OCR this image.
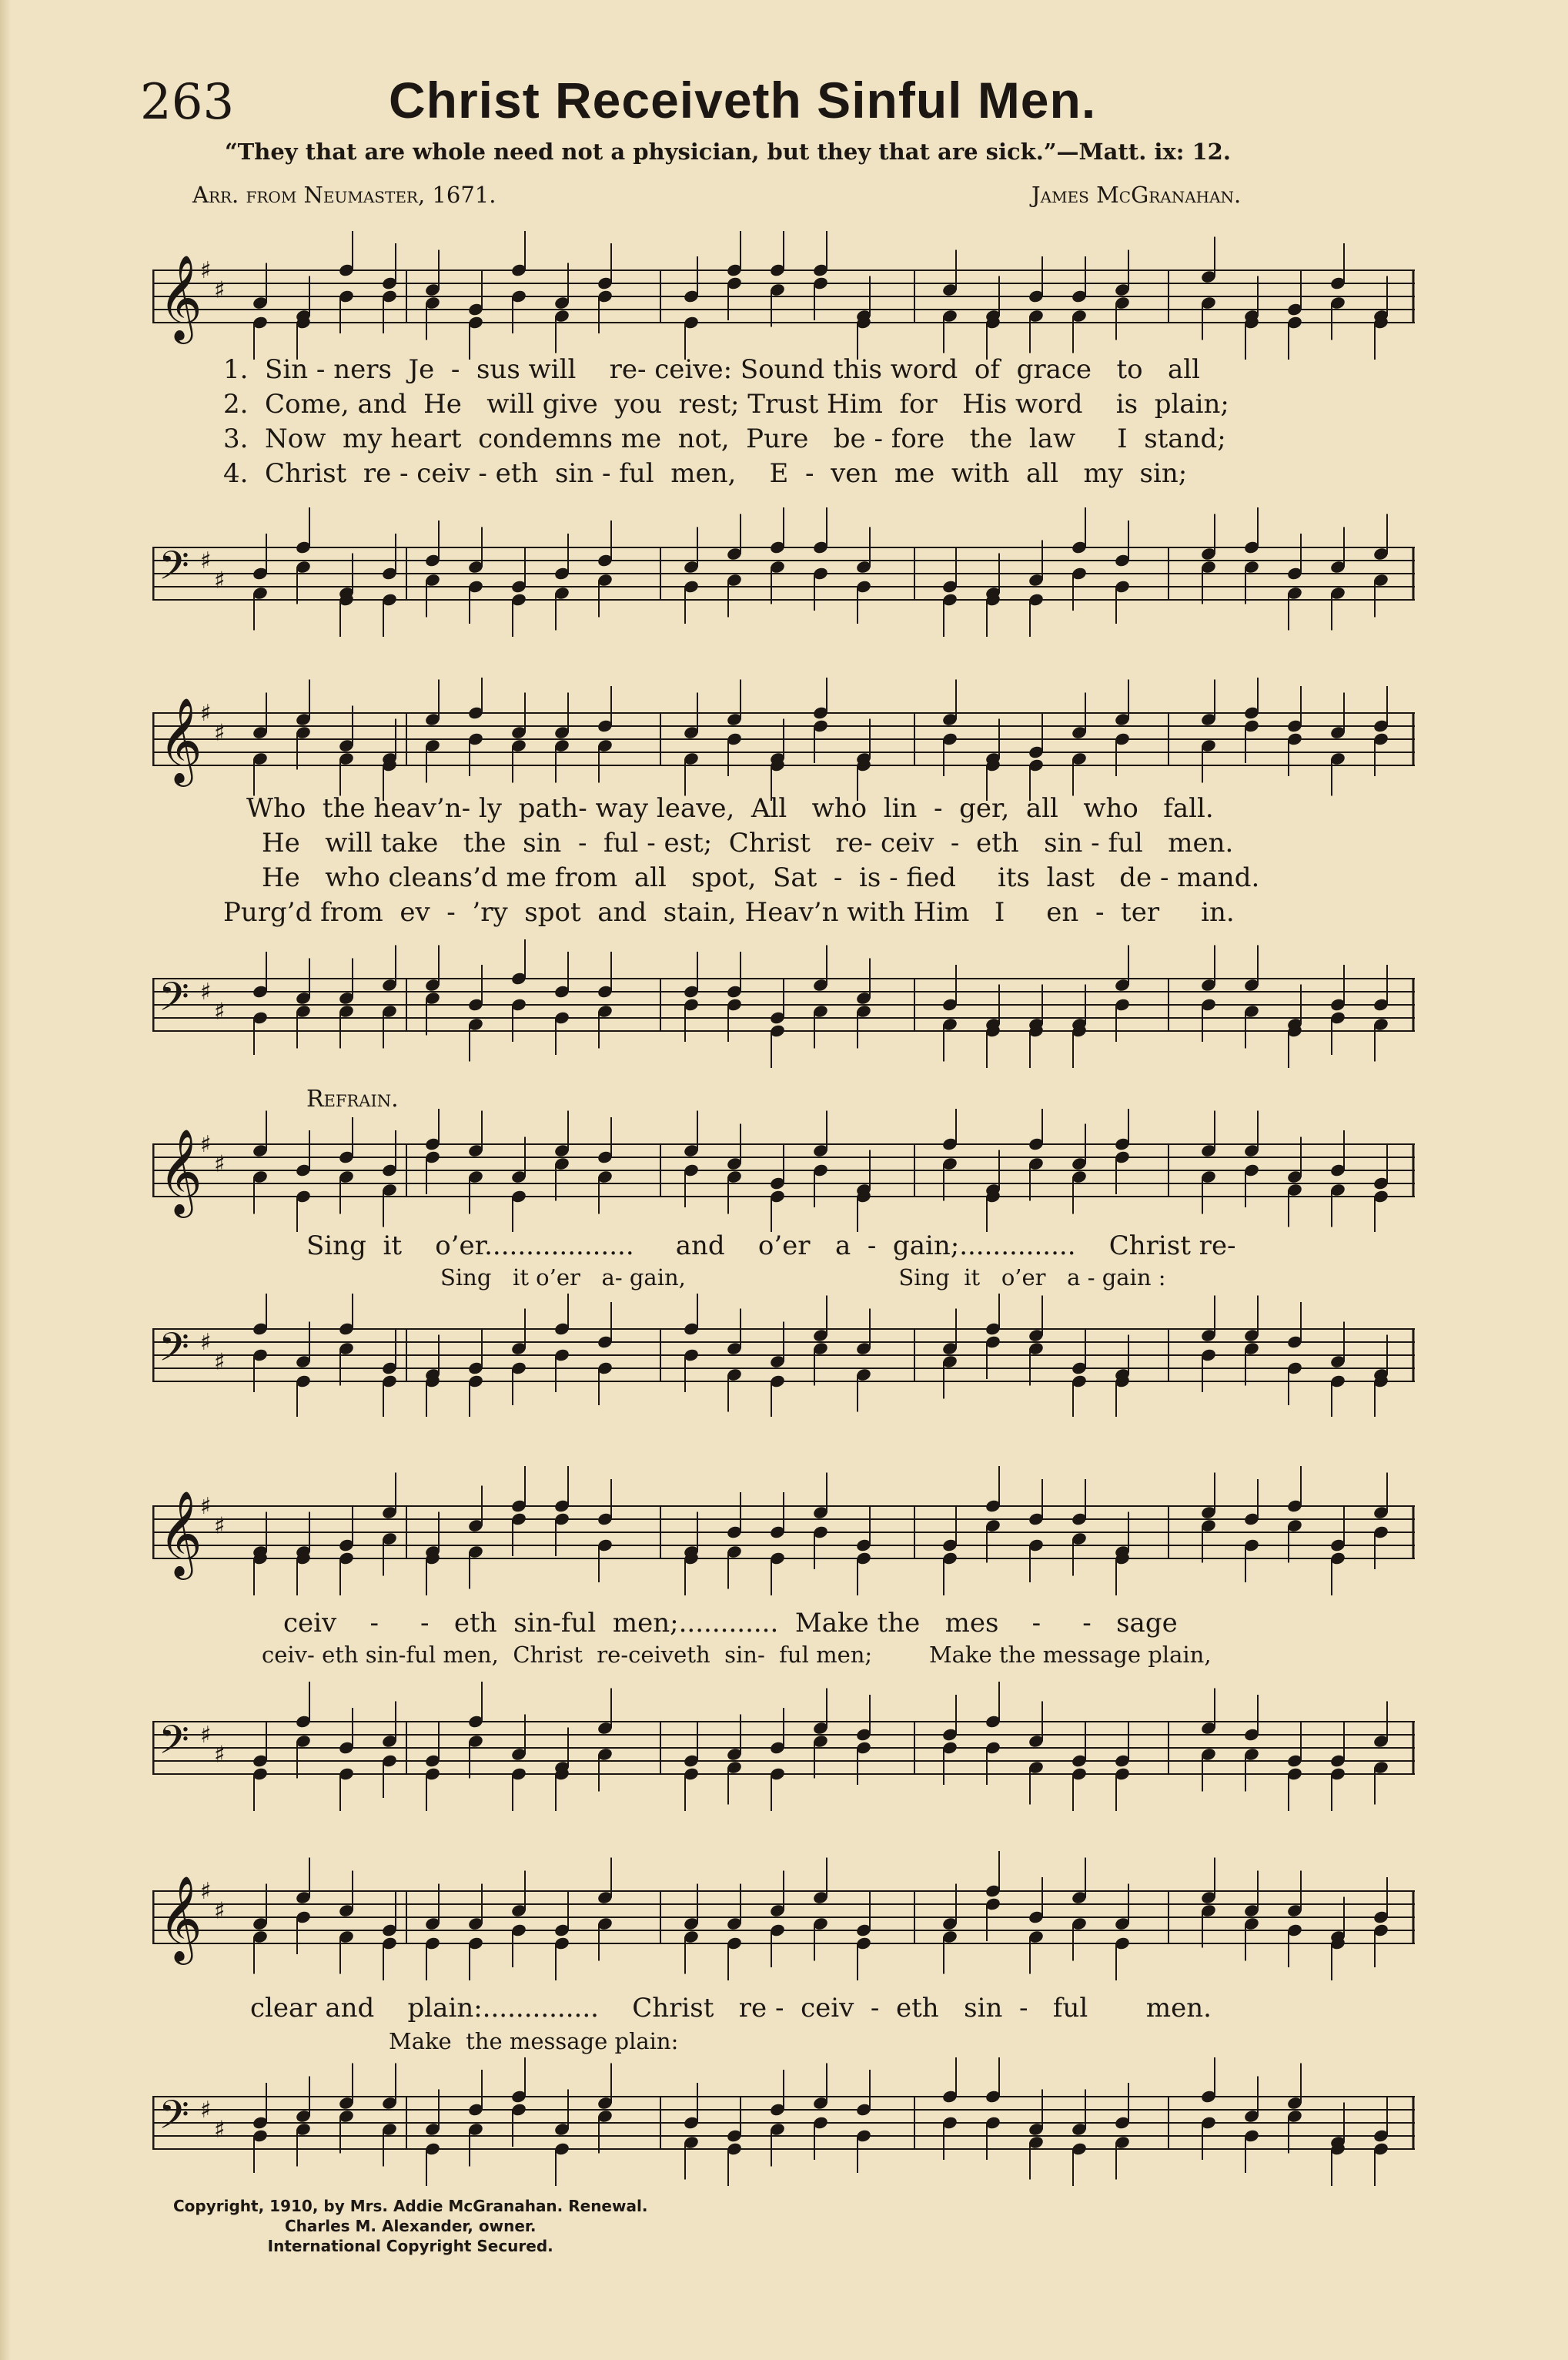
263	Christ Receiveth Sinful Men.
“They that are whole need not a physician, but they that are sick.”—Matt. ix: 12.
Arr. from Neumaster, 1671.	James McGranahan.
𝄞
♯
♯
1.  Sin - ners  Je  -  sus will    re- ceive: Sound this word  of  grace   to   all
2.  Come, and  He   will give  you  rest; Trust Him  for   His word    is  plain;
3.  Now  my heart  condemns me  not,  Pure   be - fore   the  law     I  stand;
4.  Christ  re - ceiv - eth  sin - ful  men,    E  -  ven  me  with  all   my  sin;
𝄢 ♯
♯
𝄞
♯
♯
Who  the heav’n- ly  path- way leave,  All   who  lin  -  ger,  all   who   fall.
He   will take   the  sin  -  ful - est;  Christ   re- ceiv  -  eth   sin - ful   men.
He   who cleans’d me from  all   spot,  Sat  -  is - fied     its  last   de - mand.
Purg’d from  ev  -  ’ry  spot  and  stain, Heav’n with Him   I     en  -  ter     in.
𝄢 ♯
♯
Refrain.
𝄞
♯
♯
Sing  it    o’er..................     and    o’er   a  -  gain;..............    Christ re-
Sing   it o’er   a- gain,                              Sing  it   o’er   a - gain :
𝄢 ♯
♯
𝄞
♯
♯
ceiv    -     -   eth  sin-ful  men;............  Make the   mes    -     -   sage
ceiv- eth sin-ful men,  Christ  re-ceiveth  sin-  ful men;        Make the message plain,
𝄢 ♯
♯
𝄞
♯
♯
clear and    plain:..............    Christ   re -  ceiv  -  eth   sin  -   ful       men.
Make  the message plain:
𝄢 ♯
♯
Copyright, 1910, by Mrs. Addie McGranahan. Renewal.
Charles M. Alexander, owner.
International Copyright Secured.
